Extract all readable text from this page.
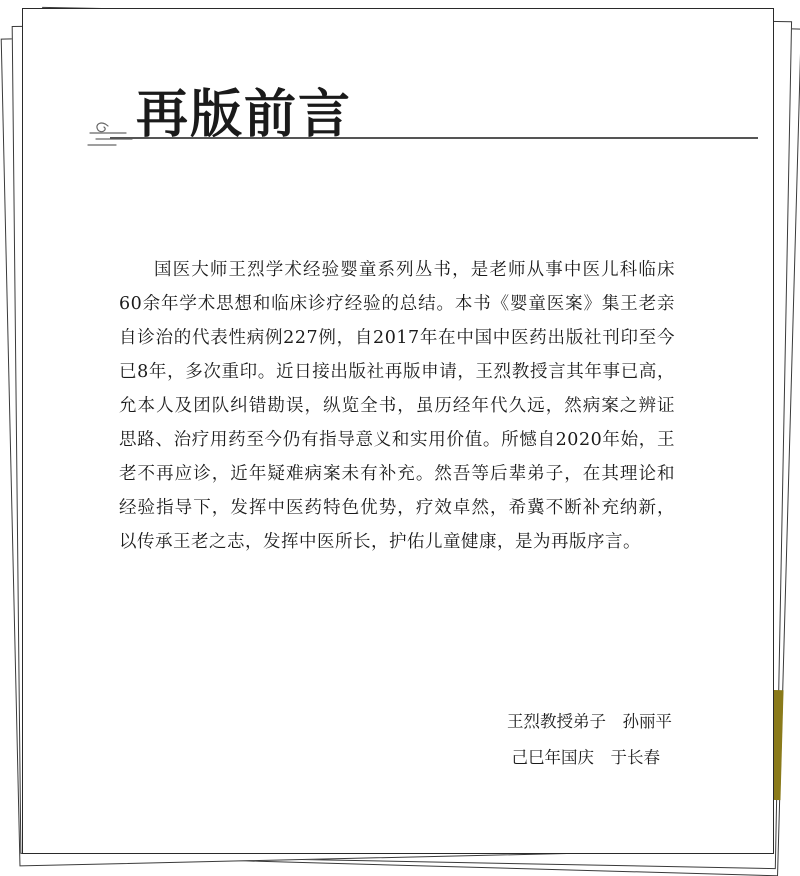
再版前言

国医大师王烈学术经验婴童系列丛书，是老师从事中医儿科临床60余年学术思想和临床诊疗经验的总结。本书《婴童医案》集王老亲自诊治的代表性病例227例，自2017年在中国中医药出版社刊印至今已8年，多次重印。近日接出版社再版申请，王烈教授言其年事已高，允本人及团队纠错勘误，纵览全书，虽历经年代久远，然病案之辨证思路、治疗用药至今仍有指导意义和实用价值。所憾自2020年始，王老不再应诊，近年疑难病案未有补充。然吾等后辈弟子，在其理论和经验指导下，发挥中医药特色优势，疗效卓然，希冀不断补充纳新，以传承王老之志，发挥中医所长，护佑儿童健康，是为再版序言。

王烈教授弟子　孙丽平
己巳年国庆　于长春
